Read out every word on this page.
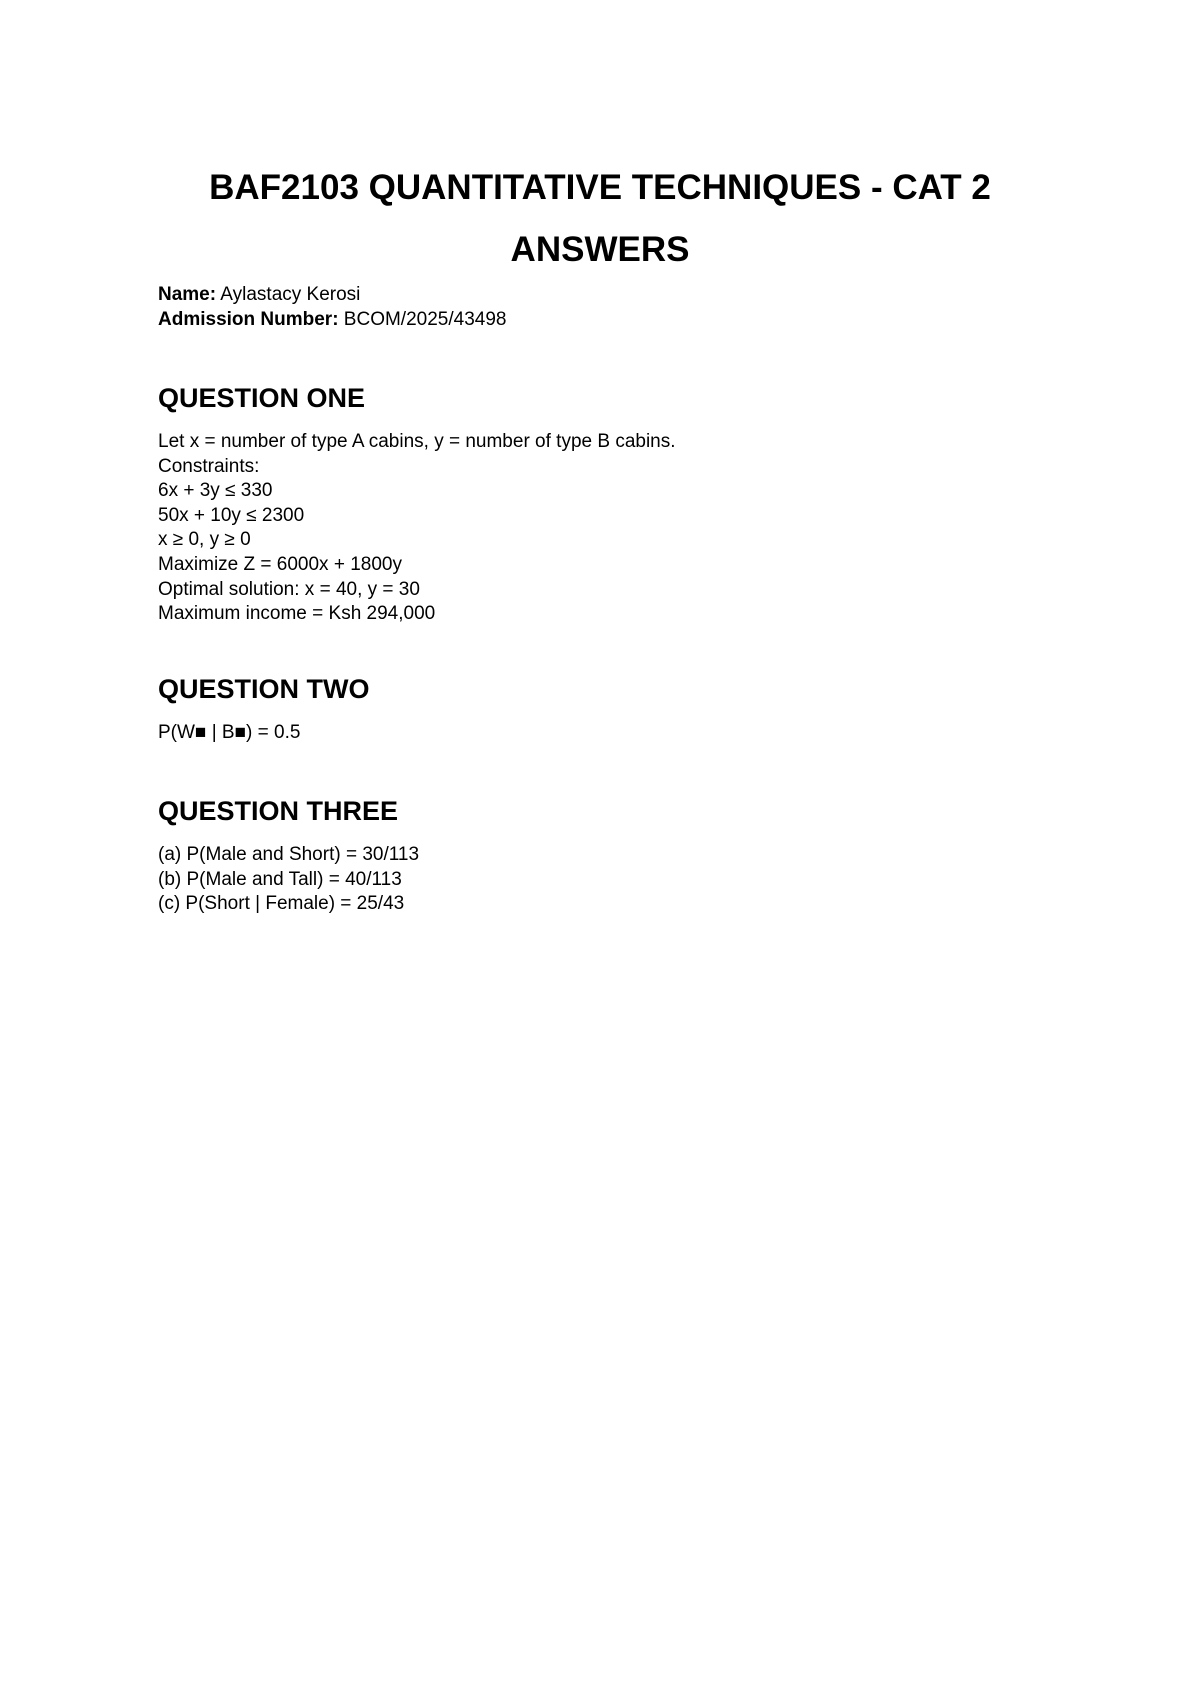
BAF2103 QUANTITATIVE TECHNIQUES - CAT 2
ANSWERS
Name: Aylastacy Kerosi
Admission Number: BCOM/2025/43498
QUESTION ONE
Let x = number of type A cabins, y = number of type B cabins.
Constraints:
6x + 3y ≤ 330
50x + 10y ≤ 2300
x ≥ 0, y ≥ 0
Maximize Z = 6000x + 1800y
Optimal solution: x = 40, y = 30
Maximum income = Ksh 294,000
QUESTION TWO
P(W■ | B■) = 0.5
QUESTION THREE
(a) P(Male and Short) = 30/113
(b) P(Male and Tall) = 40/113
(c) P(Short | Female) = 25/43
